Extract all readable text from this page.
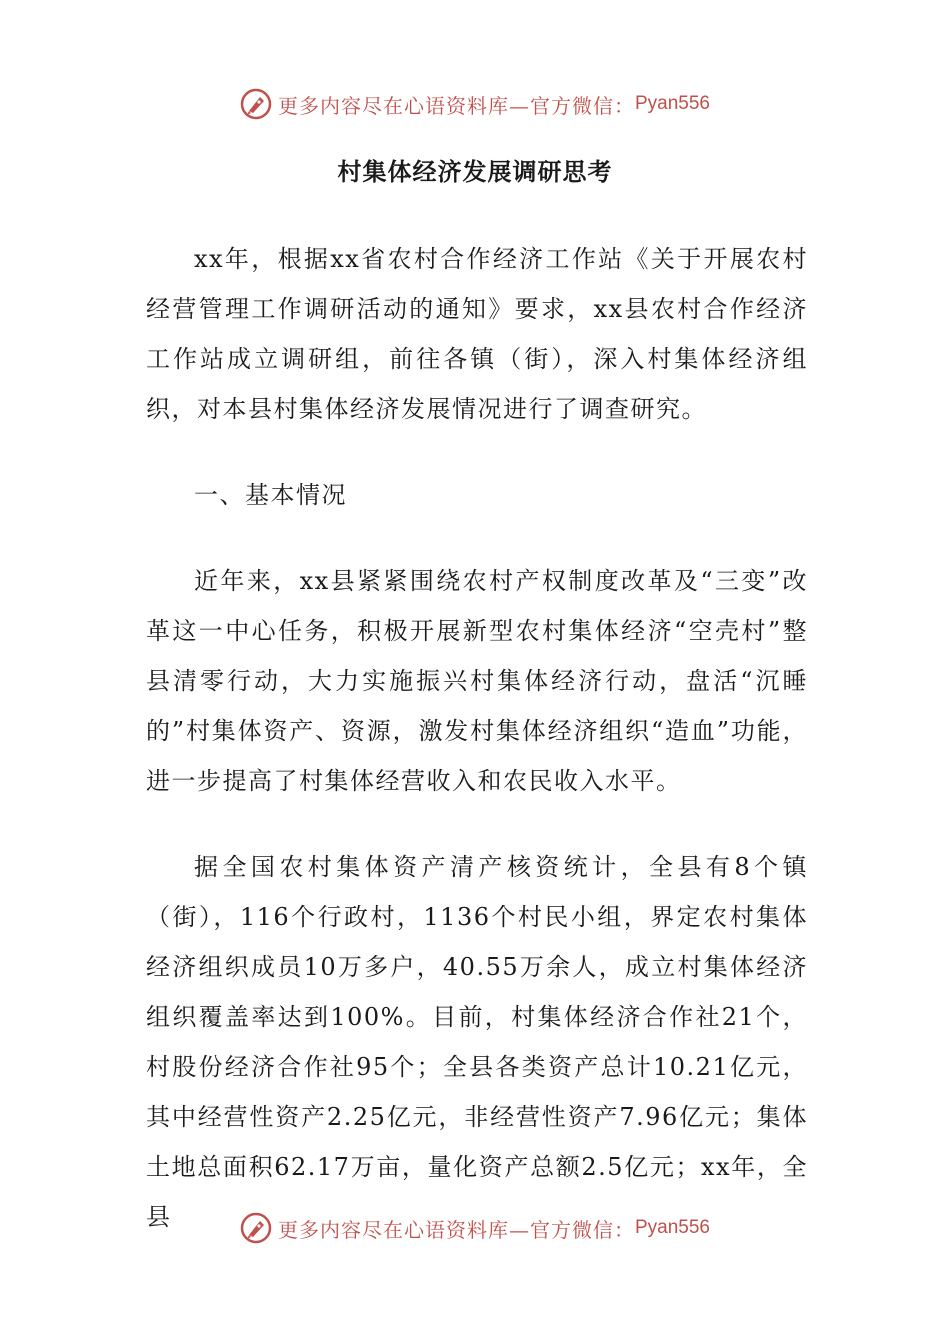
更多内容尽在心语资料库—官方微信： Pyan556
村集体经济发展调研思考

xx年，根据xx省农村合作经济工作站《关于开展农村经营管理工作调研活动的通知》要求，xx县农村合作经济工作站成立调研组，前往各镇（街），深入村集体经济组织，对本县村集体经济发展情况进行了调查研究。

一、基本情况

近年来，xx县紧紧围绕农村产权制度改革及“三变”改革这一中心任务，积极开展新型农村集体经济“空壳村”整县清零行动，大力实施振兴村集体经济行动，盘活“沉睡的”村集体资产、资源，激发村集体经济组织“造血”功能，进一步提高了村集体经营收入和农民收入水平。

据全国农村集体资产清产核资统计，全县有8个镇（街），116个行政村，1136个村民小组，界定农村集体经济组织成员10万多户，40.55万余人，成立村集体经济组织覆盖率达到100%。目前，村集体经济合作社21个，村股份经济合作社95个；全县各类资产总计10.21亿元，其中经营性资产2.25亿元，非经营性资产7.96亿元；集体土地总面积62.17万亩，量化资产总额2.5亿元；xx年，全县	更多内容尽在心语资料库—官方微信： Pyan556
